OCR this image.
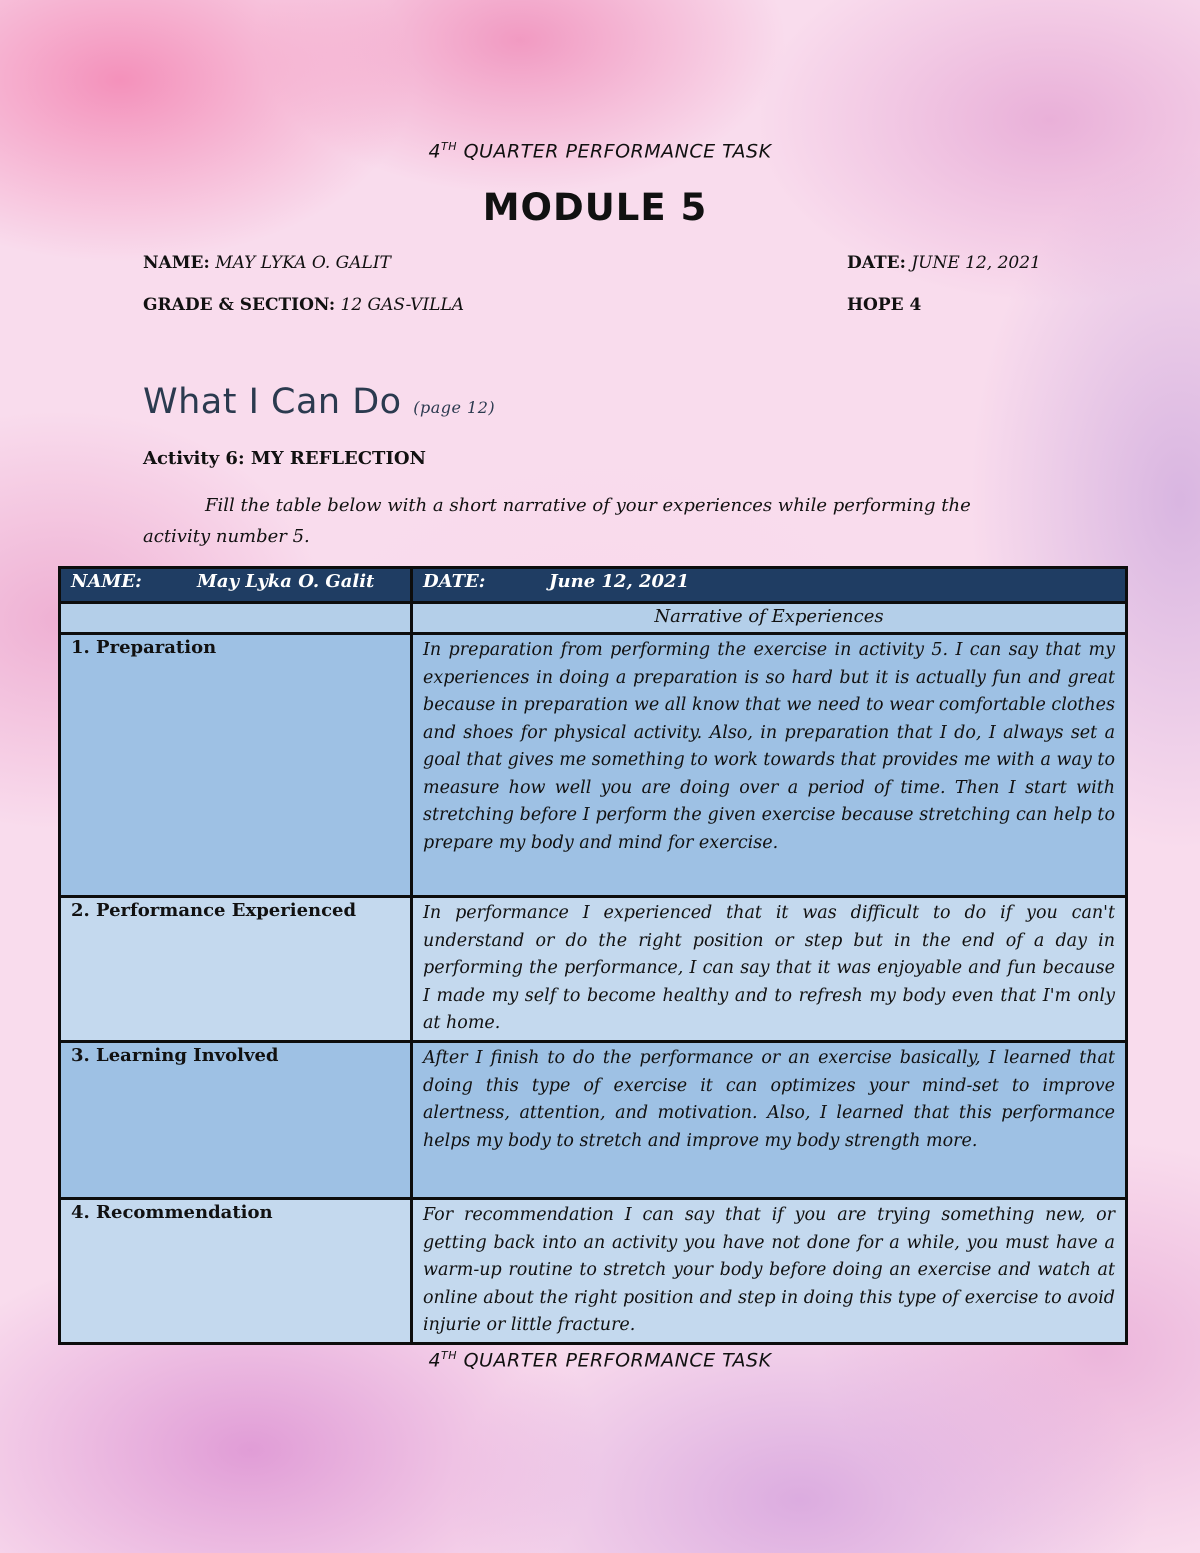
4TH QUARTER PERFORMANCE TASK
MODULE 5
NAME: MAY LYKA O. GALIT	DATE: JUNE 12, 2021
GRADE & SECTION: 12 GAS-VILLA	HOPE 4
What I Can Do (page 12)
Activity 6: MY REFLECTION
Fill the table below with a short narrative of your experiences while performing the activity number 5.
NAME: May Lyka O. Galit	DATE: June 12, 2021
	Narrative of Experiences
1. Preparation	In preparation from performing the exercise in activity 5. I can say that my experiences in doing a preparation is so hard but it is actually fun and great because in preparation we all know that we need to wear comfortable clothes and shoes for physical activity. Also, in preparation that I do, I always set a goal that gives me something to work towards that provides me with a way to measure how well you are doing over a period of time. Then I start with stretching before I perform the given exercise because stretching can help to prepare my body and mind for exercise.
2. Performance Experienced	In performance I experienced that it was difficult to do if you can't understand or do the right position or step but in the end of a day in performing the performance, I can say that it was enjoyable and fun because I made my self to become healthy and to refresh my body even that I'm only at home.
3. Learning Involved	After I finish to do the performance or an exercise basically, I learned that doing this type of exercise it can optimizes your mind-set to improve alertness, attention, and motivation. Also, I learned that this performance helps my body to stretch and improve my body strength more.
4. Recommendation	For recommendation I can say that if you are trying something new, or getting back into an activity you have not done for a while, you must have a warm-up routine to stretch your body before doing an exercise and watch at online about the right position and step in doing this type of exercise to avoid injurie or little fracture.
4TH QUARTER PERFORMANCE TASK
